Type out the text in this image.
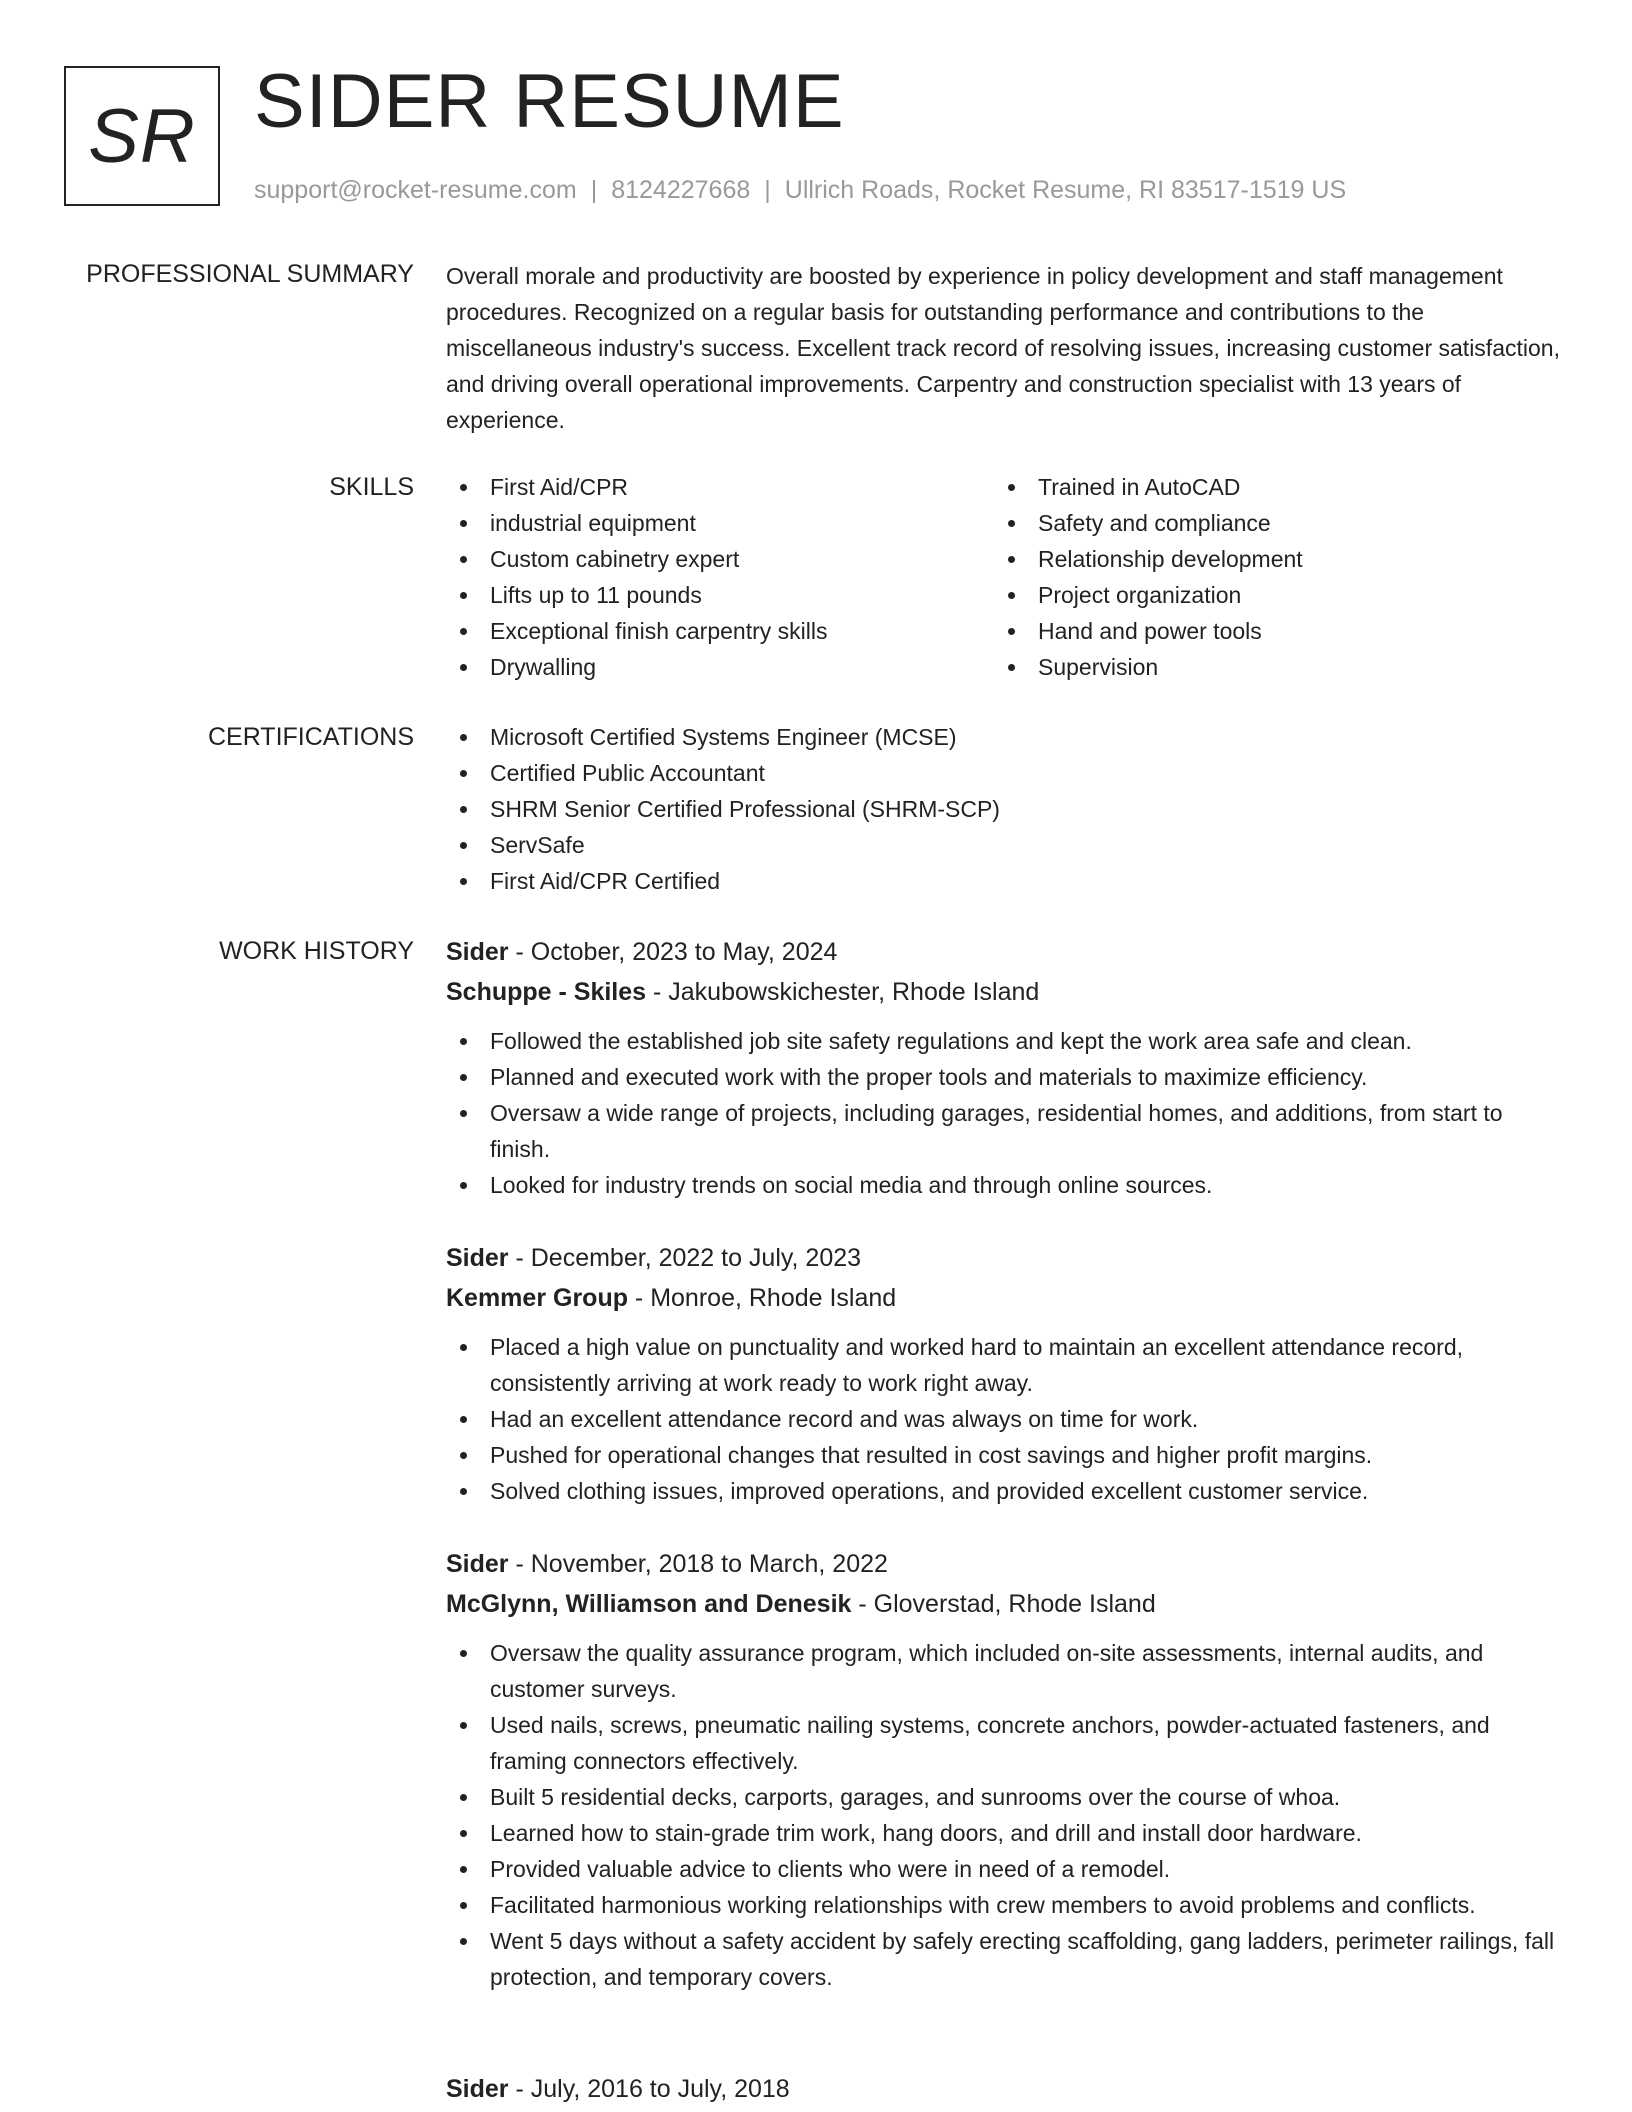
SR SIDER RESUME
support@rocket-resume.com | 8124227668 | Ullrich Roads, Rocket Resume, RI 83517-1519 US
PROFESSIONAL SUMMARY Overall morale and productivity are boosted by experience in policy development and staff management procedures. Recognized on a regular basis for outstanding performance and contributions to the miscellaneous industry's success. Excellent track record of resolving issues, increasing customer satisfaction, and driving overall operational improvements. Carpentry and construction specialist with 13 years of experience.

SKILLS	First Aid/CPR
industrial equipment
Custom cabinetry expert
Lifts up to 11 pounds
Exceptional finish carpentry skills
Drywalling
Trained in AutoCAD
Safety and compliance
Relationship development
Project organization
Hand and power tools
Supervision
CERTIFICATIONS	Microsoft Certified Systems Engineer (MCSE)
Certified Public Accountant
SHRM Senior Certified Professional (SHRM-SCP)
ServSafe
First Aid/CPR Certified
WORK HISTORY Sider - October, 2023 to May, 2024
Schuppe - Skiles - Jakubowskichester, Rhode Island
Followed the established job site safety regulations and kept the work area safe and clean.
Planned and executed work with the proper tools and materials to maximize efficiency.
Oversaw a wide range of projects, including garages, residential homes, and additions, from start to finish.
Looked for industry trends on social media and through online sources.
Sider - December, 2022 to July, 2023
Kemmer Group - Monroe, Rhode Island
Placed a high value on punctuality and worked hard to maintain an excellent attendance record, consistently arriving at work ready to work right away.
Had an excellent attendance record and was always on time for work.
Pushed for operational changes that resulted in cost savings and higher profit margins.
Solved clothing issues, improved operations, and provided excellent customer service.
Sider - November, 2018 to March, 2022
McGlynn, Williamson and Denesik - Gloverstad, Rhode Island
Oversaw the quality assurance program, which included on-site assessments, internal audits, and customer surveys.
Used nails, screws, pneumatic nailing systems, concrete anchors, powder-actuated fasteners, and framing connectors effectively.
Built 5 residential decks, carports, garages, and sunrooms over the course of whoa.
Learned how to stain-grade trim work, hang doors, and drill and install door hardware.
Provided valuable advice to clients who were in need of a remodel.
Facilitated harmonious working relationships with crew members to avoid problems and conflicts.
Went 5 days without a safety accident by safely erecting scaffolding, gang ladders, perimeter railings, fall protection, and temporary covers.
Sider - July, 2016 to July, 2018
